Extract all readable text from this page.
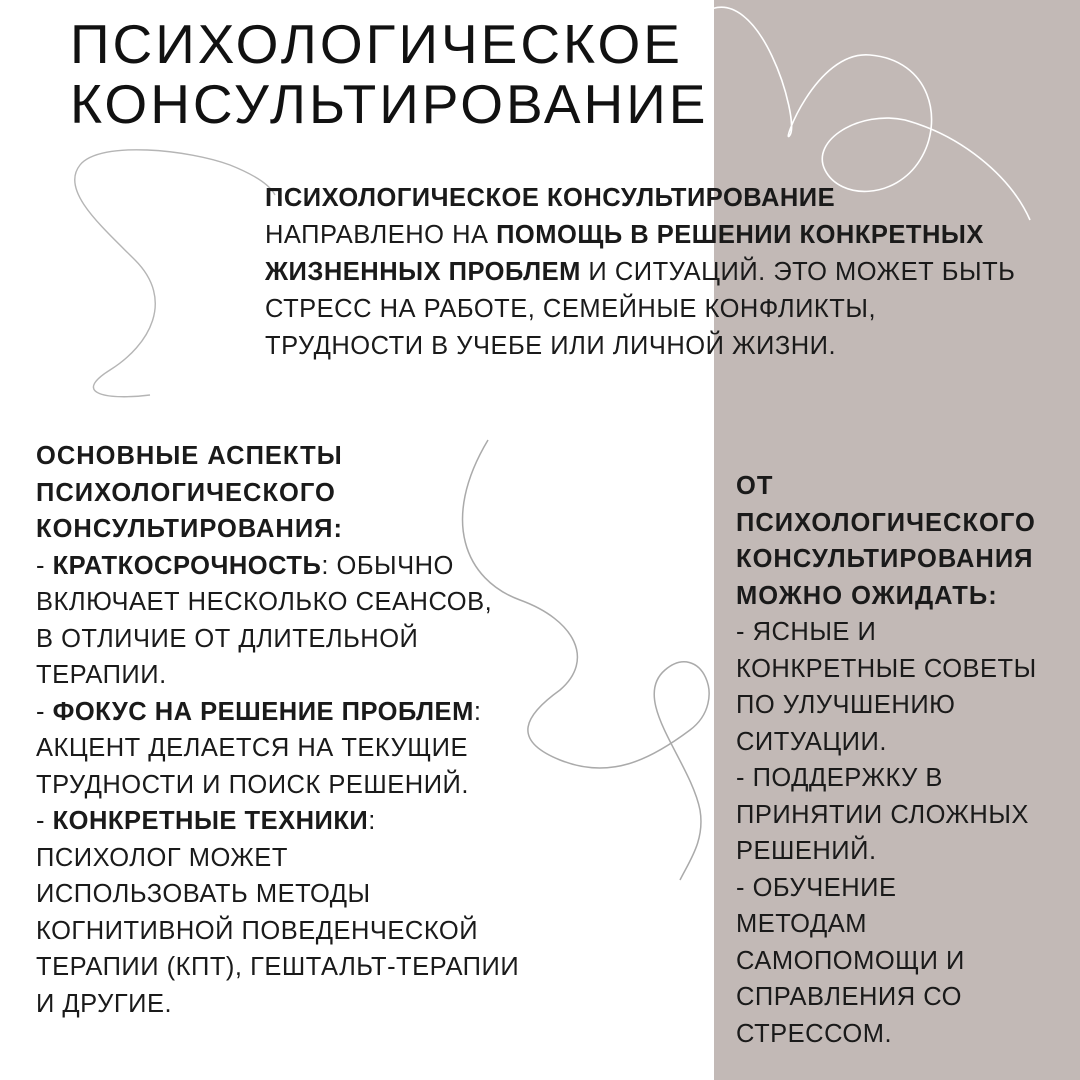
ПСИХОЛОГИЧЕСКОЕ
КОНСУЛЬТИРОВАНИЕ
ПСИХОЛОГИЧЕСКОЕ КОНСУЛЬТИРОВАНИЕ
НАПРАВЛЕНО НА ПОМОЩЬ В РЕШЕНИИ КОНКРЕТНЫХ
ЖИЗНЕННЫХ ПРОБЛЕМ И СИТУАЦИЙ. ЭТО МОЖЕТ БЫТЬ
СТРЕСС НА РАБОТЕ, СЕМЕЙНЫЕ КОНФЛИКТЫ,
ТРУДНОСТИ В УЧЕБЕ ИЛИ ЛИЧНОЙ ЖИЗНИ.
ОСНОВНЫЕ АСПЕКТЫ
ПСИХОЛОГИЧЕСКОГО
КОНСУЛЬТИРОВАНИЯ:
- КРАТКОСРОЧНОСТЬ: ОБЫЧНО
ВКЛЮЧАЕТ НЕСКОЛЬКО СЕАНСОВ,
В ОТЛИЧИЕ ОТ ДЛИТЕЛЬНОЙ
ТЕРАПИИ.
- ФОКУС НА РЕШЕНИЕ ПРОБЛЕМ:
АКЦЕНТ ДЕЛАЕТСЯ НА ТЕКУЩИЕ
ТРУДНОСТИ И ПОИСК РЕШЕНИЙ.
- КОНКРЕТНЫЕ ТЕХНИКИ:
ПСИХОЛОГ МОЖЕТ
ИСПОЛЬЗОВАТЬ МЕТОДЫ
КОГНИТИВНОЙ ПОВЕДЕНЧЕСКОЙ
ТЕРАПИИ (КПТ), ГЕШТАЛЬТ-ТЕРАПИИ
И ДРУГИЕ.
ОТ
ПСИХОЛОГИЧЕСКОГО
КОНСУЛЬТИРОВАНИЯ
МОЖНО ОЖИДАТЬ:
- ЯСНЫЕ И
КОНКРЕТНЫЕ СОВЕТЫ
ПО УЛУЧШЕНИЮ
СИТУАЦИИ.
- ПОДДЕРЖКУ В
ПРИНЯТИИ СЛОЖНЫХ
РЕШЕНИЙ.
- ОБУЧЕНИЕ
МЕТОДАМ
САМОПОМОЩИ И
СПРАВЛЕНИЯ СО
СТРЕССОМ.
